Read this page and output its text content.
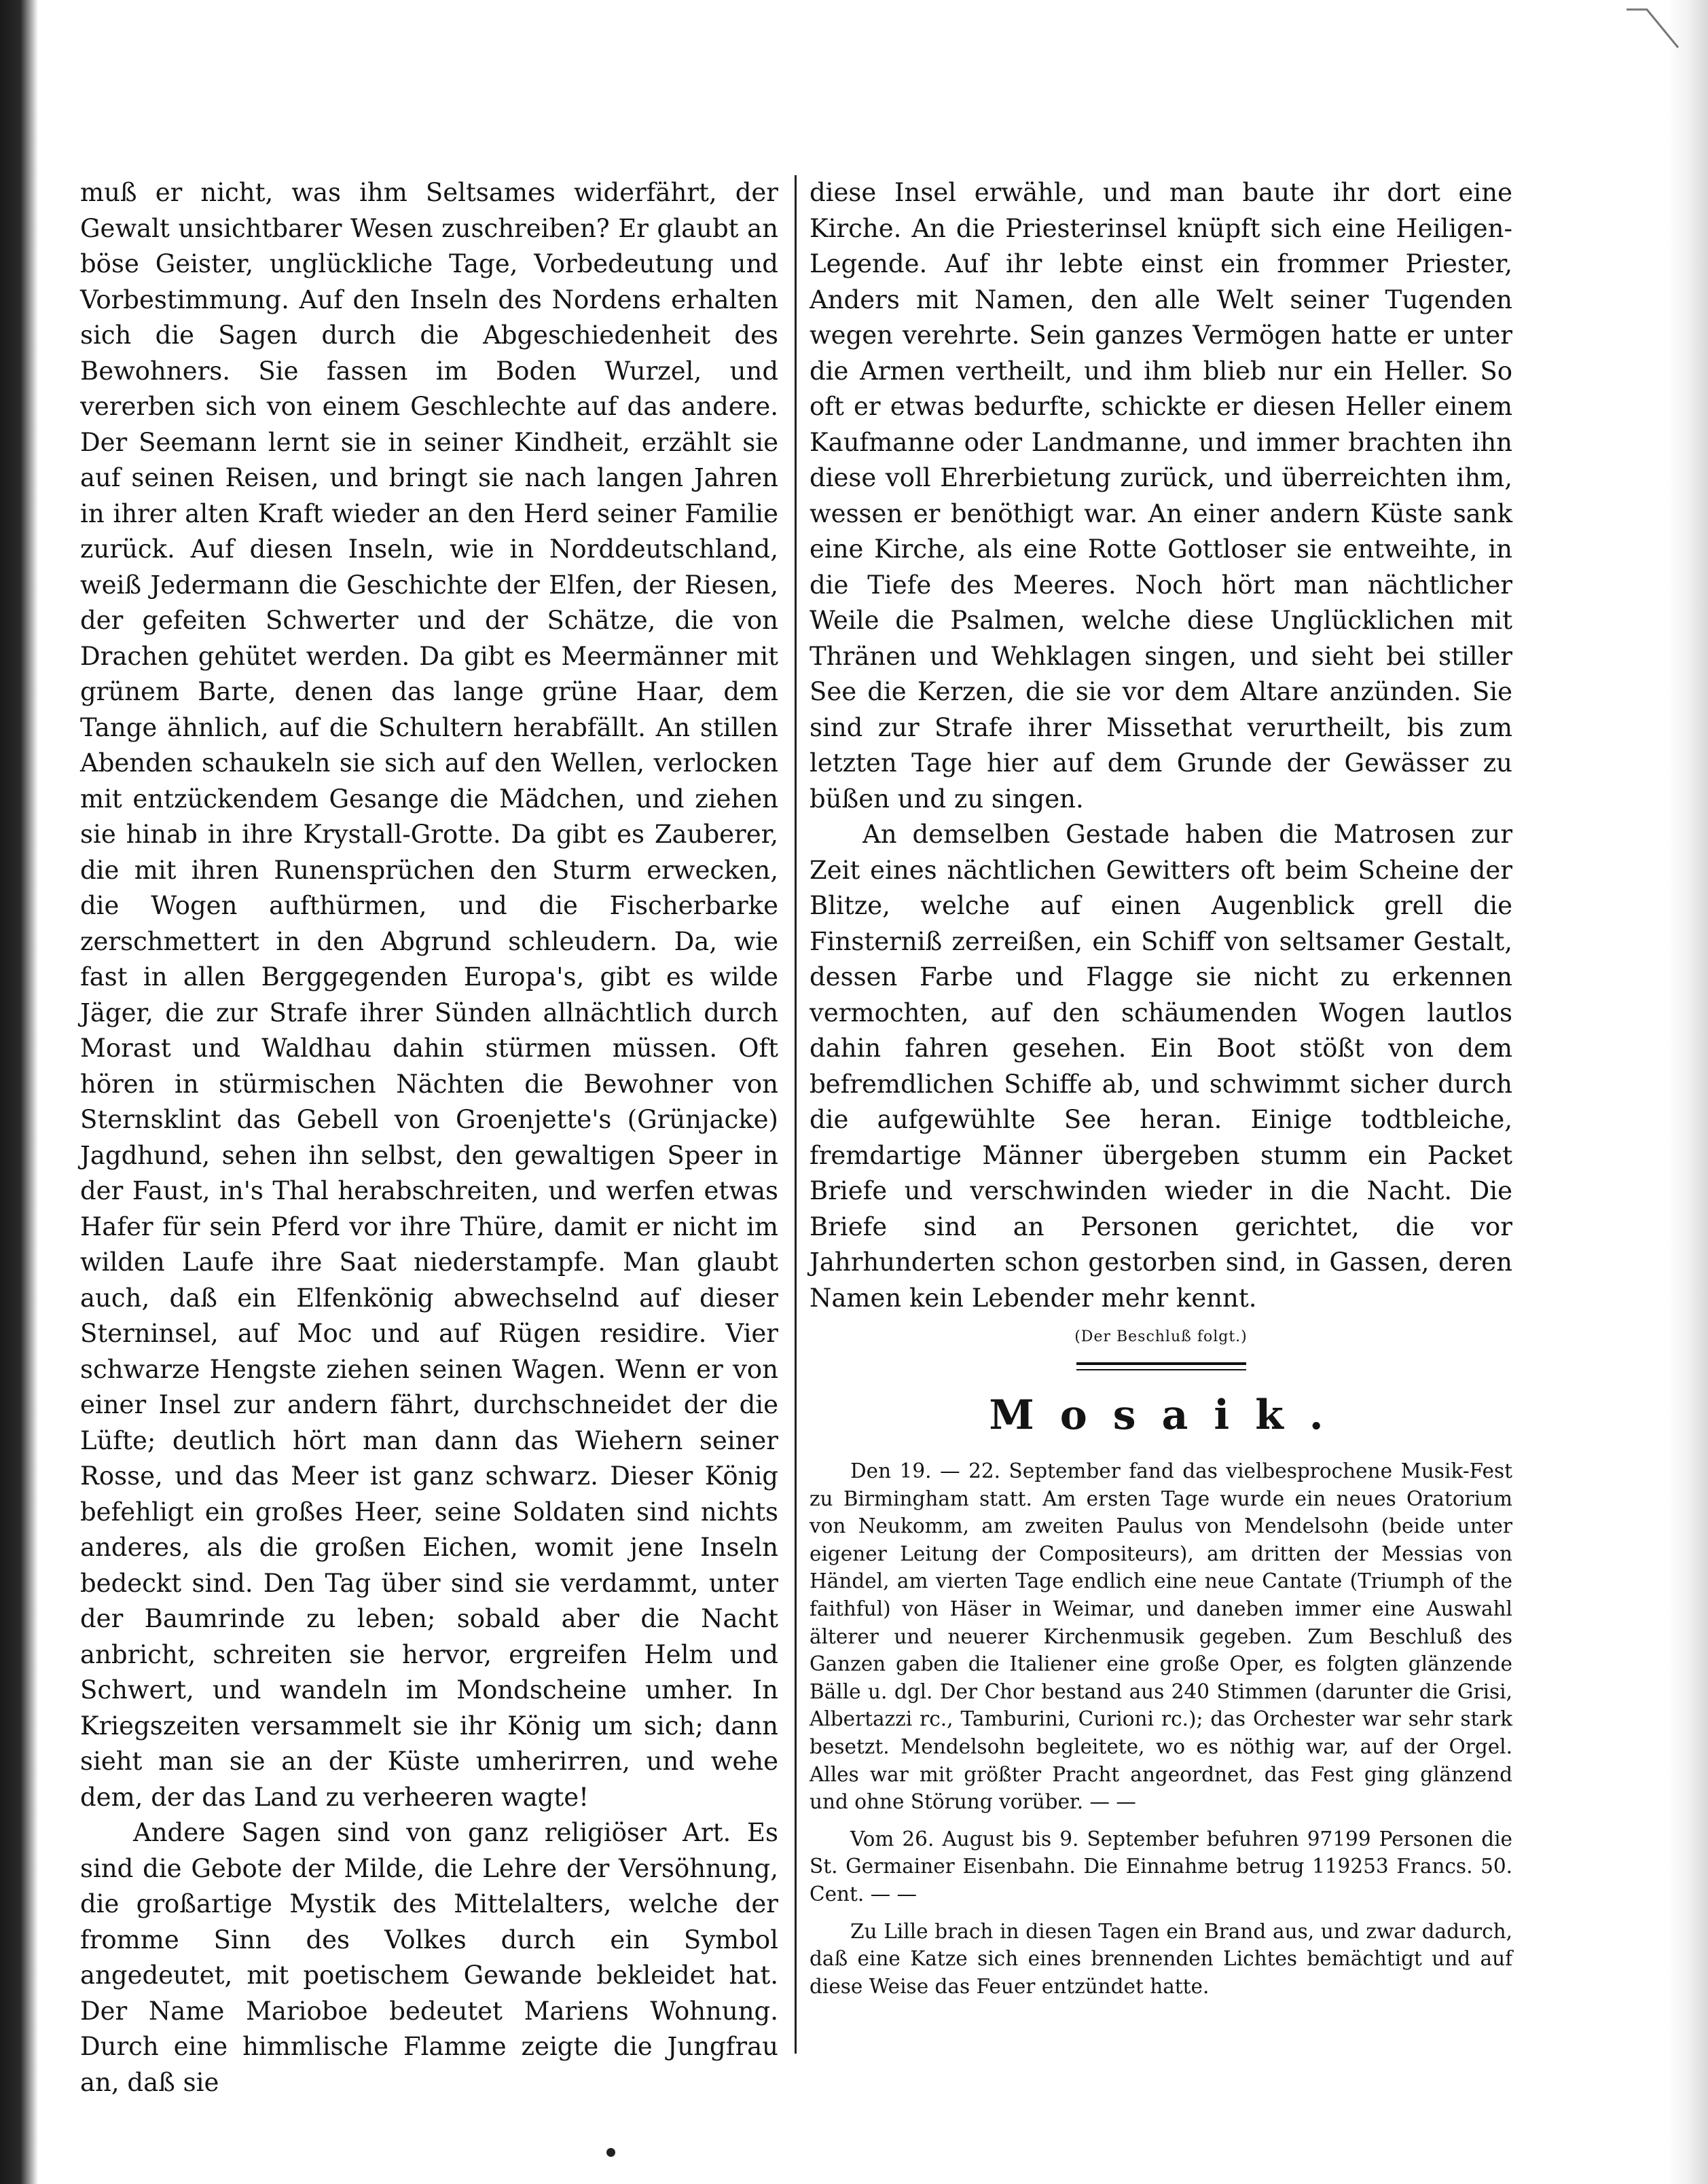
muß er nicht, was ihm Seltsames widerfährt, der Gewalt unsichtbarer Wesen zuschreiben? Er glaubt an böse Geister, unglückliche Tage, Vorbedeutung und Vorbestimmung. Auf den Inseln des Nordens erhalten sich die Sagen durch die Abgeschiedenheit des Bewohners. Sie fassen im Boden Wurzel, und vererben sich von einem Geschlechte auf das andere. Der Seemann lernt sie in seiner Kindheit, erzählt sie auf seinen Reisen, und bringt sie nach langen Jahren in ihrer alten Kraft wieder an den Herd seiner Familie zurück. Auf diesen Inseln, wie in Norddeutschland, weiß Jedermann die Geschichte der Elfen, der Riesen, der gefeiten Schwerter und der Schätze, die von Drachen gehütet werden. Da gibt es Meermänner mit grünem Barte, denen das lange grüne Haar, dem Tange ähnlich, auf die Schultern herabfällt. An stillen Abenden schaukeln sie sich auf den Wellen, verlocken mit entzückendem Gesange die Mädchen, und ziehen sie hinab in ihre Krystall-Grotte. Da gibt es Zauberer, die mit ihren Runensprüchen den Sturm erwecken, die Wogen aufthürmen, und die Fischerbarke zerschmettert in den Abgrund schleudern. Da, wie fast in allen Berggegenden Europa's, gibt es wilde Jäger, die zur Strafe ihrer Sünden allnächtlich durch Morast und Waldhau dahin stürmen müssen. Oft hören in stürmischen Nächten die Bewohner von Sternsklint das Gebell von Groenjette's (Grünjacke) Jagdhund, sehen ihn selbst, den gewaltigen Speer in der Faust, in's Thal herabschreiten, und werfen etwas Hafer für sein Pferd vor ihre Thüre, damit er nicht im wilden Laufe ihre Saat niederstampfe. Man glaubt auch, daß ein Elfenkönig abwechselnd auf dieser Sterninsel, auf Moc und auf Rügen residire. Vier schwarze Hengste ziehen seinen Wagen. Wenn er von einer Insel zur andern fährt, durchschneidet der die Lüfte; deutlich hört man dann das Wiehern seiner Rosse, und das Meer ist ganz schwarz. Dieser König befehligt ein großes Heer, seine Soldaten sind nichts anderes, als die großen Eichen, womit jene Inseln bedeckt sind. Den Tag über sind sie verdammt, unter der Baumrinde zu leben; sobald aber die Nacht anbricht, schreiten sie hervor, ergreifen Helm und Schwert, und wandeln im Mondscheine umher. In Kriegszeiten versammelt sie ihr König um sich; dann sieht man sie an der Küste umherirren, und wehe dem, der das Land zu verheeren wagte!

Andere Sagen sind von ganz religiöser Art. Es sind die Gebote der Milde, die Lehre der Versöhnung, die großartige Mystik des Mittelalters, welche der fromme Sinn des Volkes durch ein Symbol angedeutet, mit poetischem Gewande bekleidet hat. Der Name Marioboe bedeutet Mariens Wohnung. Durch eine himmlische Flamme zeigte die Jungfrau an, daß sie

diese Insel erwähle, und man baute ihr dort eine Kirche. An die Priesterinsel knüpft sich eine Heiligen-Legende. Auf ihr lebte einst ein frommer Priester, Anders mit Namen, den alle Welt seiner Tugenden wegen verehrte. Sein ganzes Vermögen hatte er unter die Armen vertheilt, und ihm blieb nur ein Heller. So oft er etwas bedurfte, schickte er diesen Heller einem Kaufmanne oder Landmanne, und immer brachten ihn diese voll Ehrerbietung zurück, und überreichten ihm, wessen er benöthigt war. An einer andern Küste sank eine Kirche, als eine Rotte Gottloser sie entweihte, in die Tiefe des Meeres. Noch hört man nächtlicher Weile die Psalmen, welche diese Unglücklichen mit Thränen und Wehklagen singen, und sieht bei stiller See die Kerzen, die sie vor dem Altare anzünden. Sie sind zur Strafe ihrer Missethat verurtheilt, bis zum letzten Tage hier auf dem Grunde der Gewässer zu büßen und zu singen.

An demselben Gestade haben die Matrosen zur Zeit eines nächtlichen Gewitters oft beim Scheine der Blitze, welche auf einen Augenblick grell die Finsterniß zerreißen, ein Schiff von seltsamer Gestalt, dessen Farbe und Flagge sie nicht zu erkennen vermochten, auf den schäumenden Wogen lautlos dahin fahren gesehen. Ein Boot stößt von dem befremdlichen Schiffe ab, und schwimmt sicher durch die aufgewühlte See heran. Einige todtbleiche, fremdartige Männer übergeben stumm ein Packet Briefe und verschwinden wieder in die Nacht. Die Briefe sind an Personen gerichtet, die vor Jahrhunderten schon gestorben sind, in Gassen, deren Namen kein Lebender mehr kennt.

(Der Beschluß folgt.)
Mosaik.

Den 19. — 22. September fand das vielbesprochene Musik-Fest zu Birmingham statt. Am ersten Tage wurde ein neues Oratorium von Neukomm, am zweiten Paulus von Mendelsohn (beide unter eigener Leitung der Compositeurs), am dritten der Messias von Händel, am vierten Tage endlich eine neue Cantate (Triumph of the faithful) von Häser in Weimar, und daneben immer eine Auswahl älterer und neuerer Kirchenmusik gegeben. Zum Beschluß des Ganzen gaben die Italiener eine große Oper, es folgten glänzende Bälle u. dgl. Der Chor bestand aus 240 Stimmen (darunter die Grisi, Albertazzi rc., Tamburini, Curioni rc.); das Orchester war sehr stark besetzt. Mendelsohn begleitete, wo es nöthig war, auf der Orgel. Alles war mit größter Pracht angeordnet, das Fest ging glänzend und ohne Störung vorüber. — —

Vom 26. August bis 9. September befuhren 97199 Personen die St. Germainer Eisenbahn. Die Einnahme betrug 119253 Francs. 50. Cent. — —

Zu Lille brach in diesen Tagen ein Brand aus, und zwar dadurch, daß eine Katze sich eines brennenden Lichtes bemächtigt und auf diese Weise das Feuer entzündet hatte.
